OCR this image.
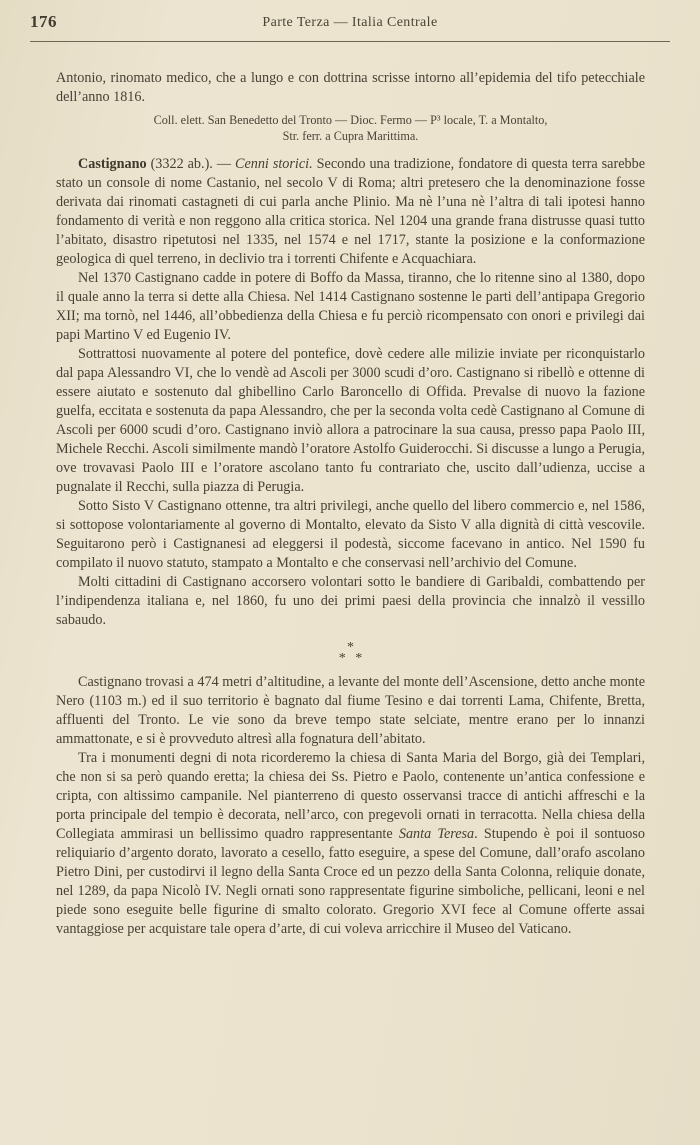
176	Parte Terza — Italia Centrale

Antonio, rinomato medico, che a lungo e con dottrina scrisse intorno all’epidemia del tifo petecchiale dell’anno 1816.

Coll. elett. San Benedetto del Tronto — Dioc. Fermo — P³ locale, T. a Montalto,
Str. ferr. a Cupra Marittima.

Castignano (3322 ab.). — Cenni storici. Secondo una tradizione, fondatore di questa terra sarebbe stato un console di nome Castanio, nel secolo V di Roma; altri pretesero che la denominazione fosse derivata dai rinomati castagneti di cui parla anche Plinio. Ma nè l’una nè l’altra di tali ipotesi hanno fondamento di verità e non reggono alla critica storica. Nel 1204 una grande frana distrusse quasi tutto l’abitato, disastro ripetutosi nel 1335, nel 1574 e nel 1717, stante la posizione e la conformazione geologica di quel terreno, in declivio tra i torrenti Chifente e Acquachiara.

Nel 1370 Castignano cadde in potere di Boffo da Massa, tiranno, che lo ritenne sino al 1380, dopo il quale anno la terra si dette alla Chiesa. Nel 1414 Castignano sostenne le parti dell’antipapa Gregorio XII; ma tornò, nel 1446, all’obbedienza della Chiesa e fu perciò ricompensato con onori e privilegi dai papi Martino V ed Eugenio IV.

Sottrattosi nuovamente al potere del pontefice, dovè cedere alle milizie inviate per riconquistarlo dal papa Alessandro VI, che lo vendè ad Ascoli per 3000 scudi d’oro. Castignano si ribellò e ottenne di essere aiutato e sostenuto dal ghibellino Carlo Baroncello di Offida. Prevalse di nuovo la fazione guelfa, eccitata e sostenuta da papa Alessandro, che per la seconda volta cedè Castignano al Comune di Ascoli per 6000 scudi d’oro. Castignano inviò allora a patrocinare la sua causa, presso papa Paolo III, Michele Recchi. Ascoli similmente mandò l’oratore Astolfo Guiderocchi. Si discusse a lungo a Perugia, ove trovavasi Paolo III e l’oratore ascolano tanto fu contrariato che, uscito dall’udienza, uccise a pugnalate il Recchi, sulla piazza di Perugia.

Sotto Sisto V Castignano ottenne, tra altri privilegi, anche quello del libero commercio e, nel 1586, si sottopose volontariamente al governo di Montalto, elevato da Sisto V alla dignità di città vescovile. Seguitarono però i Castignanesi ad eleggersi il podestà, siccome facevano in antico. Nel 1590 fu compilato il nuovo statuto, stampato a Montalto e che conservasi nell’archivio del Comune.

Molti cittadini di Castignano accorsero volontari sotto le bandiere di Garibaldi, combattendo per l’indipendenza italiana e, nel 1860, fu uno dei primi paesi della provincia che innalzò il vessillo sabaudo.

*
* *

Castignano trovasi a 474 metri d’altitudine, a levante del monte dell’Ascensione, detto anche monte Nero (1103 m.) ed il suo territorio è bagnato dal fiume Tesino e dai torrenti Lama, Chifente, Bretta, affluenti del Tronto. Le vie sono da breve tempo state selciate, mentre erano per lo innanzi ammattonate, e si è provveduto altresì alla fognatura dell’abitato.

Tra i monumenti degni di nota ricorderemo la chiesa di Santa Maria del Borgo, già dei Templari, che non si sa però quando eretta; la chiesa dei Ss. Pietro e Paolo, contenente un’antica confessione e cripta, con altissimo campanile. Nel pianterreno di questo osservansi tracce di antichi affreschi e la porta principale del tempio è decorata, nell’arco, con pregevoli ornati in terracotta. Nella chiesa della Collegiata ammirasi un bellissimo quadro rappresentante Santa Teresa. Stupendo è poi il sontuoso reliquiario d’argento dorato, lavorato a cesello, fatto eseguire, a spese del Comune, dall’orafo ascolano Pietro Dini, per custodirvi il legno della Santa Croce ed un pezzo della Santa Colonna, reliquie donate, nel 1289, da papa Nicolò IV. Negli ornati sono rappresentate figurine simboliche, pellicani, leoni e nel piede sono eseguite belle figurine di smalto colorato. Gregorio XVI fece al Comune offerte assai vantaggiose per acquistare tale opera d’arte, di cui voleva arricchire il Museo del Vaticano.
